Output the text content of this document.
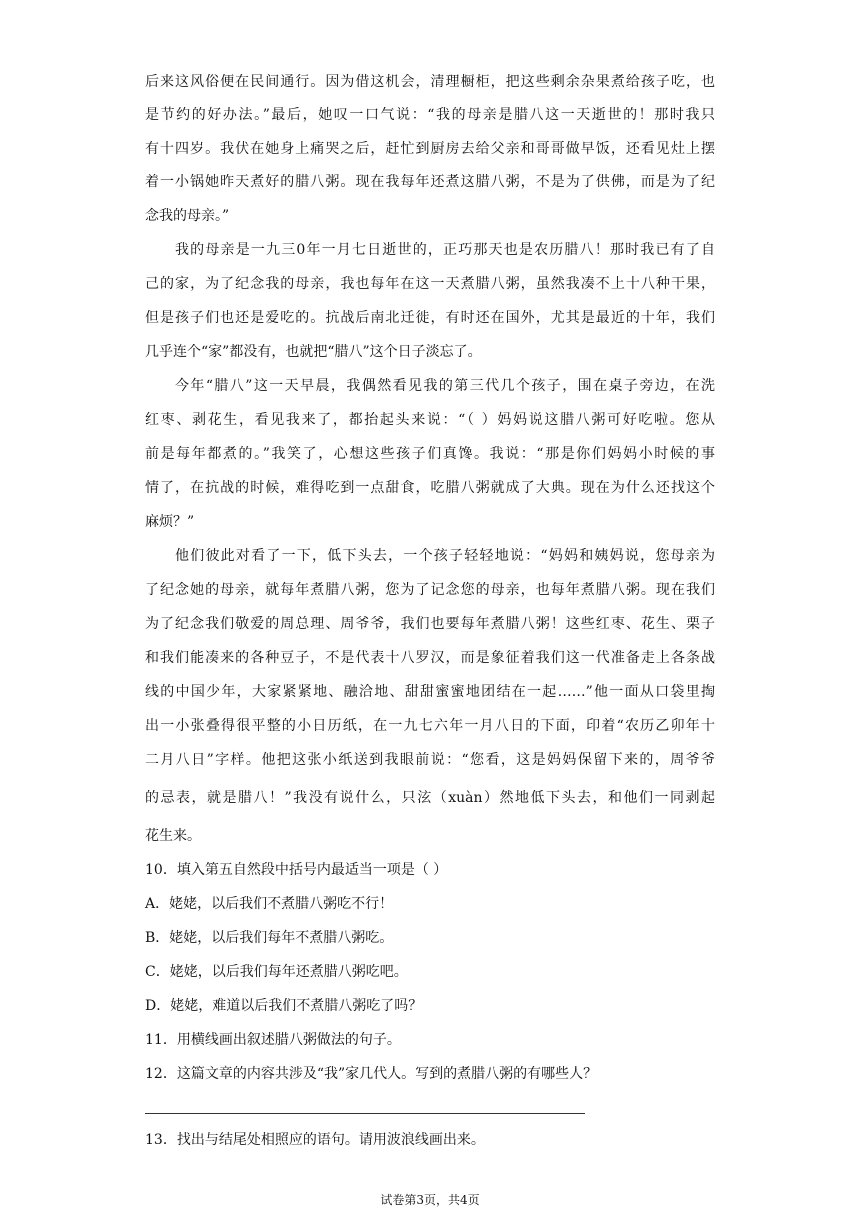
后来这风俗便在民间通行。因为借这机会，清理橱柜，把这些剩余杂果煮给孩子吃，也
是节约的好办法。”最后，她叹一口气说：“我的母亲是腊八这一天逝世的！那时我只
有十四岁。我伏在她身上痛哭之后，赶忙到厨房去给父亲和哥哥做早饭，还看见灶上摆
着一小锅她昨天煮好的腊八粥。现在我每年还煮这腊八粥，不是为了供佛，而是为了纪
念我的母亲。”
我的母亲是一九三0年一月七日逝世的，正巧那天也是农历腊八！那时我已有了自
己的家，为了纪念我的母亲，我也每年在这一天煮腊八粥，虽然我凑不上十八种干果，
但是孩子们也还是爱吃的。抗战后南北迁徙，有时还在国外，尤其是最近的十年，我们
几乎连个“家”都没有，也就把“腊八”这个日子淡忘了。
今年“腊八”这一天早晨，我偶然看见我的第三代几个孩子，围在桌子旁边，在洗
红枣、剥花生，看见我来了，都抬起头来说：“（ ）妈妈说这腊八粥可好吃啦。您从
前是每年都煮的。”我笑了，心想这些孩子们真馋。我说：“那是你们妈妈小时候的事
情了，在抗战的时候，难得吃到一点甜食，吃腊八粥就成了大典。现在为什么还找这个
麻烦？”
他们彼此对看了一下，低下头去，一个孩子轻轻地说：“妈妈和姨妈说，您母亲为
了纪念她的母亲，就每年煮腊八粥，您为了记念您的母亲，也每年煮腊八粥。现在我们
为了纪念我们敬爱的周总理、周爷爷，我们也要每年煮腊八粥！这些红枣、花生、栗子
和我们能凑来的各种豆子，不是代表十八罗汉，而是象征着我们这一代准备走上各条战
线的中国少年，大家紧紧地、融洽地、甜甜蜜蜜地团结在一起……”他一面从口袋里掏
出一小张叠得很平整的小日历纸，在一九七六年一月八日的下面，印着“农历乙卯年十
二月八日”字样。他把这张小纸送到我眼前说：“您看，这是妈妈保留下来的，周爷爷
的忌表，就是腊八！”我没有说什么，只泫（xuàn）然地低下头去，和他们一同剥起
花生来。
10．填入第五自然段中括号内最适当一项是（ ）
A．姥姥，以后我们不煮腊八粥吃不行！
B．姥姥，以后我们每年不煮腊八粥吃。
C．姥姥，以后我们每年还煮腊八粥吃吧。
D．姥姥，难道以后我们不煮腊八粥吃了吗？
11．用横线画出叙述腊八粥做法的句子。
12．这篇文章的内容共涉及“我”家几代人。写到的煮腊八粥的有哪些人？
13．找出与结尾处相照应的语句。请用波浪线画出来。
试卷第3页，共4页
